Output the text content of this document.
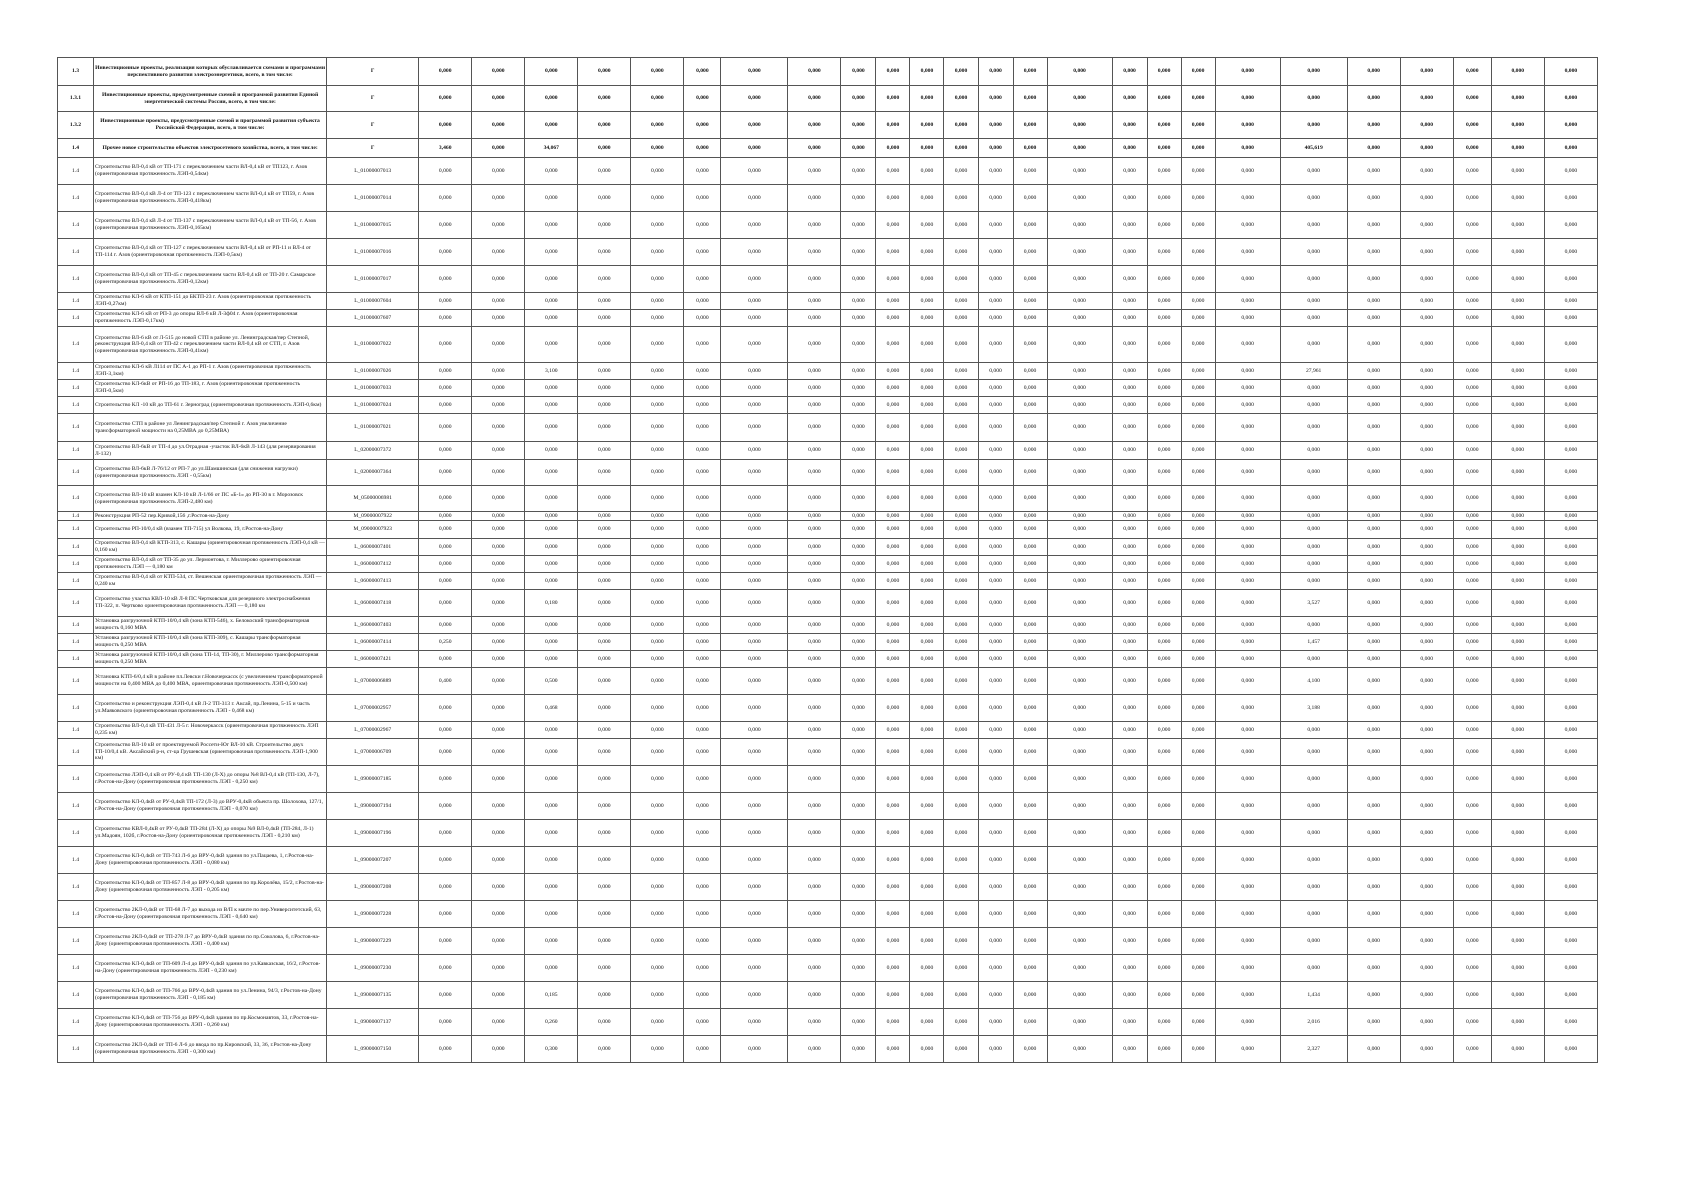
1.3	Инвестиционные проекты, реализация которых обуславливается схемами и программами перспективного развития электроэнергетики, всего, в том числе:	Г	0,000	0,000	0,000	0,000	0,000	0,000	0,000	0,000	0,000	0,000	0,000	0,000	0,000	0,000	0,000	0,000	0,000	0,000	0,000	0,000	0,000	0,000	0,000	0,000	0,000
1.3.1	Инвестиционные проекты, предусмотренные схемой и программой развития Единой энергетической системы России, всего, в том числе:	Г	0,000	0,000	0,000	0,000	0,000	0,000	0,000	0,000	0,000	0,000	0,000	0,000	0,000	0,000	0,000	0,000	0,000	0,000	0,000	0,000	0,000	0,000	0,000	0,000	0,000
1.3.2	Инвестиционные проекты, предусмотренные схемой и программой развития субъекта Российской Федерации, всего, в том числе:	Г	0,000	0,000	0,000	0,000	0,000	0,000	0,000	0,000	0,000	0,000	0,000	0,000	0,000	0,000	0,000	0,000	0,000	0,000	0,000	0,000	0,000	0,000	0,000	0,000	0,000
1.4	Прочее новое строительство объектов электросетевого хозяйства, всего, в том числе:	Г	3,460	0,000	34,067	0,000	0,000	0,000	0,000	0,000	0,000	0,000	0,000	0,000	0,000	0,000	0,000	0,000	0,000	0,000	0,000	405,619	0,000	0,000	0,000	0,000	0,000
1.4	Строительство ВЛ-0,4 кВ от ТП-171 с переключением части ВЛ-0,4 кВ от ТП123, г. Азов (ориентировочная протяженность ЛЭП-0,54км)	L_01000007013	0,000	0,000	0,000	0,000	0,000	0,000	0,000	0,000	0,000	0,000	0,000	0,000	0,000	0,000	0,000	0,000	0,000	0,000	0,000	0,000	0,000	0,000	0,000	0,000	0,000
1.4	Строительство ВЛ-0,4 кВ Л-4 от ТП-123 с переключением части ВЛ-0,4 кВ от ТП59, г. Азов (ориентировочная протяженность ЛЭП-0,418км)	L_01000007014	0,000	0,000	0,000	0,000	0,000	0,000	0,000	0,000	0,000	0,000	0,000	0,000	0,000	0,000	0,000	0,000	0,000	0,000	0,000	0,000	0,000	0,000	0,000	0,000	0,000
1.4	Строительство ВЛ-0,4 кВ Л-4 от ТП-137 с переключением части ВЛ-0,4 кВ от ТП-56, г. Азов (ориентировочная протяженность ЛЭП-0,165км)	L_01000007015	0,000	0,000	0,000	0,000	0,000	0,000	0,000	0,000	0,000	0,000	0,000	0,000	0,000	0,000	0,000	0,000	0,000	0,000	0,000	0,000	0,000	0,000	0,000	0,000	0,000
1.4	Строительство ВЛ-0,4 кВ от ТП-127 с переключением части ВЛ-0,4 кВ от РП-11 и ВЛ-4 от ТП-114 г. Азов (ориентировочная протяженность ЛЭП-0,5км)	L_01000007016	0,000	0,000	0,000	0,000	0,000	0,000	0,000	0,000	0,000	0,000	0,000	0,000	0,000	0,000	0,000	0,000	0,000	0,000	0,000	0,000	0,000	0,000	0,000	0,000	0,000
1.4	Строительство ВЛ-0,4 кВ от ТП-45 с переключением части ВЛ-0,4 кВ от ТП-20 г. Самарское (ориентировочная протяженность ЛЭП-0,12км)	L_01000007017	0,000	0,000	0,000	0,000	0,000	0,000	0,000	0,000	0,000	0,000	0,000	0,000	0,000	0,000	0,000	0,000	0,000	0,000	0,000	0,000	0,000	0,000	0,000	0,000	0,000
1.4	Строительство КЛ-6 кВ от КТП-151 до БКТП-23 г. Азов (ориентировочная протяженность ЛЭП-0,27км)	L_01000007604	0,000	0,000	0,000	0,000	0,000	0,000	0,000	0,000	0,000	0,000	0,000	0,000	0,000	0,000	0,000	0,000	0,000	0,000	0,000	0,000	0,000	0,000	0,000	0,000	0,000
1.4	Строительство КЛ-6 кВ от РП-3 до опоры ВЛ-6 кВ Л-3ф04 г. Азов (ориентировочная протяженность ЛЭП-0,17км)	L_01000007607	0,000	0,000	0,000	0,000	0,000	0,000	0,000	0,000	0,000	0,000	0,000	0,000	0,000	0,000	0,000	0,000	0,000	0,000	0,000	0,000	0,000	0,000	0,000	0,000	0,000
1.4	Строительство ВЛ-6 кВ от Л-515 до новой СТП в районе ул. Ленинградская/пер Степной, реконструкция ВЛ-0,4 кВ от ТП-42 с переключением части ВЛ-0,4 кВ от СТП, г. Азов (ориентировочная протяженность ЛЭП-0,41км)	L_01000007022	0,000	0,000	0,000	0,000	0,000	0,000	0,000	0,000	0,000	0,000	0,000	0,000	0,000	0,000	0,000	0,000	0,000	0,000	0,000	0,000	0,000	0,000	0,000	0,000	0,000
1.4	Строительство КЛ-6 кВ Л114 от ПС А-1 до РП-1 г. Азов (ориентировочная протяженность ЛЭП-3,1км)	L_01000007026	0,000	0,000	3,100	0,000	0,000	0,000	0,000	0,000	0,000	0,000	0,000	0,000	0,000	0,000	0,000	0,000	0,000	0,000	0,000	27,961	0,000	0,000	0,000	0,000	0,000
1.4	Строительство КЛ-6кВ от РП-16 до ТП-183, г. Азов (ориентировочная протяженность ЛЭП-0,5км)	L_01000007033	0,000	0,000	0,000	0,000	0,000	0,000	0,000	0,000	0,000	0,000	0,000	0,000	0,000	0,000	0,000	0,000	0,000	0,000	0,000	0,000	0,000	0,000	0,000	0,000	0,000
1.4	Строительство КЛ -10 кВ до ТП-61 г. Зерноград (ориентировочная протяженность ЛЭП-0,6км)	L_01000007024	0,000	0,000	0,000	0,000	0,000	0,000	0,000	0,000	0,000	0,000	0,000	0,000	0,000	0,000	0,000	0,000	0,000	0,000	0,000	0,000	0,000	0,000	0,000	0,000	0,000
1.4	Строительство СТП в районе ул Ленинградская/пер Степной г. Азов увеличение трансформаторной мощности на 0,25МВА до 0,25МВА)	L_01000007021	0,000	0,000	0,000	0,000	0,000	0,000	0,000	0,000	0,000	0,000	0,000	0,000	0,000	0,000	0,000	0,000	0,000	0,000	0,000	0,000	0,000	0,000	0,000	0,000	0,000
1.4	Строительство ВЛ-6кВ от ТП-4 до ул.Отрадная -участок ВЛ-6кВ Л-143 (для резервирования Л-132)	L_02000007372	0,000	0,000	0,000	0,000	0,000	0,000	0,000	0,000	0,000	0,000	0,000	0,000	0,000	0,000	0,000	0,000	0,000	0,000	0,000	0,000	0,000	0,000	0,000	0,000	0,000
1.4	Строительство ВЛ-6кВ Л-76/12 от РП-7 до ул.Шамшинская (для снижения нагрузки) (ориентировочная протяженность ЛЭП - 0,55км)	L_02000007364	0,000	0,000	0,000	0,000	0,000	0,000	0,000	0,000	0,000	0,000	0,000	0,000	0,000	0,000	0,000	0,000	0,000	0,000	0,000	0,000	0,000	0,000	0,000	0,000	0,000
1.4	Строительство ВЛ-10 кВ взамен КЛ-10 кВ Л-1/66 от ПС «Б-1» до РП-30 в г. Морозовск (ориентировочная протяженность ЛЭП-2,480 км)	M_05000006981	0,000	0,000	0,000	0,000	0,000	0,000	0,000	0,000	0,000	0,000	0,000	0,000	0,000	0,000	0,000	0,000	0,000	0,000	0,000	0,000	0,000	0,000	0,000	0,000	0,000
1.4	Реконструкция РП-52 пер.Кривой,156 ,г.Ростов-на-Дону	M_09000007922	0,000	0,000	0,000	0,000	0,000	0,000	0,000	0,000	0,000	0,000	0,000	0,000	0,000	0,000	0,000	0,000	0,000	0,000	0,000	0,000	0,000	0,000	0,000	0,000	0,000
1.4	Строительство РП-10/0,4 кВ (взамен ТП-715) ул Волкова, 19, г.Ростов-на-Дону	M_09000007923	0,000	0,000	0,000	0,000	0,000	0,000	0,000	0,000	0,000	0,000	0,000	0,000	0,000	0,000	0,000	0,000	0,000	0,000	0,000	0,000	0,000	0,000	0,000	0,000	0,000
1.4	Строительство ВЛ-0,4 кВ КТП-313, с. Кашары (ориентировочная протяженность ЛЭП-0,4 кВ — 0,160 км)	L_06000007401	0,000	0,000	0,000	0,000	0,000	0,000	0,000	0,000	0,000	0,000	0,000	0,000	0,000	0,000	0,000	0,000	0,000	0,000	0,000	0,000	0,000	0,000	0,000	0,000	0,000
1.4	Строительство ВЛ-0,4 кВ от ТП-35 до ул. Лермонтова, г. Миллерово ориентировочная протяженность ЛЭП — 0,180 км	L_06000007412	0,000	0,000	0,000	0,000	0,000	0,000	0,000	0,000	0,000	0,000	0,000	0,000	0,000	0,000	0,000	0,000	0,000	0,000	0,000	0,000	0,000	0,000	0,000	0,000	0,000
1.4	Строительство ВЛ-0,4 кВ от КТП-534, ст. Вешенская ориентировочная протяженность ЛЭП — 0,240 км	L_06000007413	0,000	0,000	0,000	0,000	0,000	0,000	0,000	0,000	0,000	0,000	0,000	0,000	0,000	0,000	0,000	0,000	0,000	0,000	0,000	0,000	0,000	0,000	0,000	0,000	0,000
1.4	Строительство участка КВЛ-10 кВ Л-8 ПС Чертковская для резервного электроснабжения ТП-322, п. Чертково ориентировочная протяженность ЛЭП — 0,180 км	L_06000007418	0,000	0,000	0,180	0,000	0,000	0,000	0,000	0,000	0,000	0,000	0,000	0,000	0,000	0,000	0,000	0,000	0,000	0,000	0,000	3,527	0,000	0,000	0,000	0,000	0,000
1.4	Установка разгрузочной КТП-10/0,4 кВ (зона КТП-546), х. Белокоский трансформаторная мощность 0,160 МВА	L_06000007403	0,000	0,000	0,000	0,000	0,000	0,000	0,000	0,000	0,000	0,000	0,000	0,000	0,000	0,000	0,000	0,000	0,000	0,000	0,000	0,000	0,000	0,000	0,000	0,000	0,000
1.4	Установка разгрузочной КТП-10/0,4 кВ (зона КТП-309), с. Кашары трансформаторная мощность 0,250 МВА	L_06000007414	0,250	0,000	0,000	0,000	0,000	0,000	0,000	0,000	0,000	0,000	0,000	0,000	0,000	0,000	0,000	0,000	0,000	0,000	0,000	1,457	0,000	0,000	0,000	0,000	0,000
1.4	Установка разгрузочной КТП-10/0,4 кВ (зона ТП-14, ТП-30), г. Миллерово трансформаторная мощность 0,250 МВА	L_06000007421	0,000	0,000	0,000	0,000	0,000	0,000	0,000	0,000	0,000	0,000	0,000	0,000	0,000	0,000	0,000	0,000	0,000	0,000	0,000	0,000	0,000	0,000	0,000	0,000	0,000
1.4	Установка КТП-6/0,4 кВ в районе пл.Левски г.Новочеркасск (с увеличением трансформаторной мощности на 0,400 МВА до 0,400 МВА, ориентировочная протяженность ЛЭП-0,500 км)	L_07000006889	0,400	0,000	0,500	0,000	0,000	0,000	0,000	0,000	0,000	0,000	0,000	0,000	0,000	0,000	0,000	0,000	0,000	0,000	0,000	4,100	0,000	0,000	0,000	0,000	0,000
1.4	Строительство и реконструкция ЛЭП-0,4 кВ Л-2 ТП-313 г. Аксай, пр.Ленина, 5-15 и часть ул.Маяковского (ориентировочная протяженность ЛЭП - 0,468 км)	L_07000002957	0,000	0,000	0,468	0,000	0,000	0,000	0,000	0,000	0,000	0,000	0,000	0,000	0,000	0,000	0,000	0,000	0,000	0,000	0,000	3,188	0,000	0,000	0,000	0,000	0,000
1.4	Строительство ВЛ-0,4 кВ ТП-431 Л-5 г. Новочеркасск (ориентировочная протяженность ЛЭП 0,235 км)	L_07000002967	0,000	0,000	0,000	0,000	0,000	0,000	0,000	0,000	0,000	0,000	0,000	0,000	0,000	0,000	0,000	0,000	0,000	0,000	0,000	0,000	0,000	0,000	0,000	0,000	0,000
1.4	Строительство ВЛ-10 кВ от проектируемой Россети-Юг ВЛ-10 кВ. Строительство двух ТП-10/0,4 кВ. Аксайский р-н, ст-ца Грушевская (ориентировочная протяженность ЛЭП-1,900 км)	L_07000006709	0,000	0,000	0,000	0,000	0,000	0,000	0,000	0,000	0,000	0,000	0,000	0,000	0,000	0,000	0,000	0,000	0,000	0,000	0,000	0,000	0,000	0,000	0,000	0,000	0,000
1.4	Строительство ЛЭП-0,4 кВ от РУ-0,4 кВ ТП-130 (Л-X) до опоры №8 ВЛ-0,4 кВ (ТП-130, Л-7), г.Ростов-на-Дону (ориентировочная протяженность ЛЭП - 0,250 км)	L_09000007185	0,000	0,000	0,000	0,000	0,000	0,000	0,000	0,000	0,000	0,000	0,000	0,000	0,000	0,000	0,000	0,000	0,000	0,000	0,000	0,000	0,000	0,000	0,000	0,000	0,000
1.4	Строительство КЛ-0,4кВ от РУ-0,4кВ ТП-172 (Л-3) до ВРУ-0,4кВ объекта пр. Шолохова, 127/1, г.Ростов-на-Дону (ориентировочная протяженность ЛЭП - 0,070 км)	L_09000007194	0,000	0,000	0,000	0,000	0,000	0,000	0,000	0,000	0,000	0,000	0,000	0,000	0,000	0,000	0,000	0,000	0,000	0,000	0,000	0,000	0,000	0,000	0,000	0,000	0,000
1.4	Строительство КВЛ-0,4кВ от РУ-0,4кВ ТП-284 (Л-X) до опоры №9 ВЛ-0,4кВ (ТП-284, Л-1) ул.Мадоян, 102б, г.Ростов-на-Дону (ориентировочная протяженность ЛЭП - 0,210 км)	L_09000007196	0,000	0,000	0,000	0,000	0,000	0,000	0,000	0,000	0,000	0,000	0,000	0,000	0,000	0,000	0,000	0,000	0,000	0,000	0,000	0,000	0,000	0,000	0,000	0,000	0,000
1.4	Строительство КЛ-0,4кВ от ТП-743 Л-6 до ВРУ-0,4кВ здания по ул.Пацаева, 1, г.Ростов-на-Дону (ориентировочная протяженность ЛЭП - 0,080 км)	L_09000007207	0,000	0,000	0,000	0,000	0,000	0,000	0,000	0,000	0,000	0,000	0,000	0,000	0,000	0,000	0,000	0,000	0,000	0,000	0,000	0,000	0,000	0,000	0,000	0,000	0,000
1.4	Строительство КЛ-0,4кВ от ТП-857 Л-8 до ВРУ-0,4кВ здания по пр.Королёва, 15/2, г.Ростов-на-Дону (ориентировочная протяженность ЛЭП - 0,205 км)	L_09000007208	0,000	0,000	0,000	0,000	0,000	0,000	0,000	0,000	0,000	0,000	0,000	0,000	0,000	0,000	0,000	0,000	0,000	0,000	0,000	0,000	0,000	0,000	0,000	0,000	0,000
1.4	Строительство 2КЛ-0,4кВ от ТП-68 Л-7 до выхода из В/П к мачте по пер.Университетский, 63, г.Ростов-на-Дону (ориентировочная протяженность ЛЭП - 0,640 км)	L_09000007228	0,000	0,000	0,000	0,000	0,000	0,000	0,000	0,000	0,000	0,000	0,000	0,000	0,000	0,000	0,000	0,000	0,000	0,000	0,000	0,000	0,000	0,000	0,000	0,000	0,000
1.4	Строительство 2КЛ-0,4кВ от ТП-278 Л-7 до ВРУ-0,4кВ здания по пр.Соколова, 6, г.Ростов-на-Дону (ориентировочная протяженность ЛЭП - 0,400 км)	L_09000007229	0,000	0,000	0,000	0,000	0,000	0,000	0,000	0,000	0,000	0,000	0,000	0,000	0,000	0,000	0,000	0,000	0,000	0,000	0,000	0,000	0,000	0,000	0,000	0,000	0,000
1.4	Строительство КЛ-0,4кВ от ТП-609 Л-4 до ВРУ-0,4кВ здания по ул.Кавказская, 16/2, г.Ростов-на-Дону (ориентировочная протяженность ЛЭП - 0,230 км)	L_09000007230	0,000	0,000	0,000	0,000	0,000	0,000	0,000	0,000	0,000	0,000	0,000	0,000	0,000	0,000	0,000	0,000	0,000	0,000	0,000	0,000	0,000	0,000	0,000	0,000	0,000
1.4	Строительство КЛ-0,4кВ от ТП-766 до ВРУ-0,4кВ здания по ул.Ленина, 94/3, г.Ростов-на-Дону (ориентировочная протяженность ЛЭП - 0,185 км)	L_09000007135	0,000	0,000	0,185	0,000	0,000	0,000	0,000	0,000	0,000	0,000	0,000	0,000	0,000	0,000	0,000	0,000	0,000	0,000	0,000	1,434	0,000	0,000	0,000	0,000	0,000
1.4	Строительство КЛ-0,4кВ от ТП-756 до ВРУ-0,4кВ здания по пр.Космонавтов, 33, г.Ростов-на-Дону (ориентировочная протяженность ЛЭП - 0,260 км)	L_09000007137	0,000	0,000	0,260	0,000	0,000	0,000	0,000	0,000	0,000	0,000	0,000	0,000	0,000	0,000	0,000	0,000	0,000	0,000	0,000	2,016	0,000	0,000	0,000	0,000	0,000
1.4	Строительство 2КЛ-0,4кВ от ТП-6 Л-6 до ввода по пр.Кировский, 33, 36, г.Ростов-на-Дону (ориентировочная протяженность ЛЭП - 0,300 км)	L_09000007150	0,000	0,000	0,300	0,000	0,000	0,000	0,000	0,000	0,000	0,000	0,000	0,000	0,000	0,000	0,000	0,000	0,000	0,000	0,000	2,327	0,000	0,000	0,000	0,000	0,000
